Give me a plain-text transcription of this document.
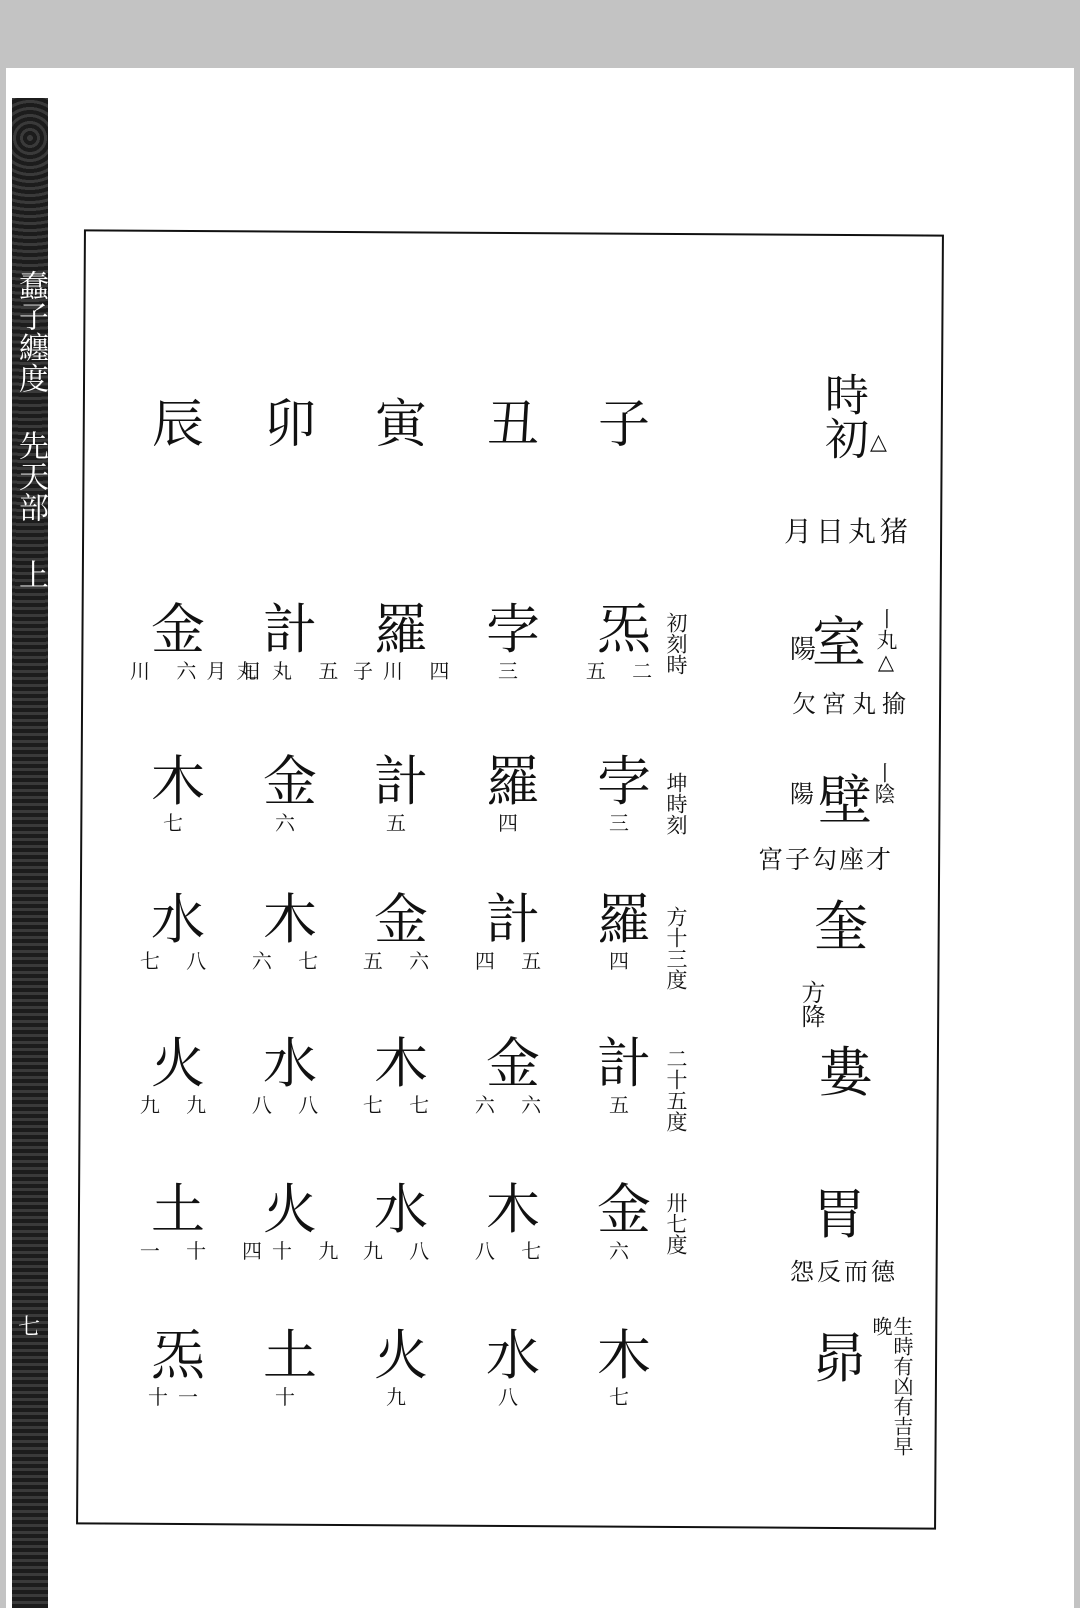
蠢子纏度 先天部 上
七
子
丑
寅
卯
辰	時初 △
月日丸猪
室 丨丸△
陽
欠宮丸揄
壁 丨陰
陽
宮子勾座才
奎
方降
婁
胃
怨反而德
昴	生時有凶有吉早晚
初刻時
坤時刻
方十三度
二十五度
卅七度
炁
五 二
孛
三
羅
子川 四
計
日丸 五
金
川 六月丸
孛
三
羅
四
計
五
金
六
木
七
羅
四
計
四 五
金
五 六
木
六 七
水
七 八
計
五
金
六 六
木
七 七
水
八 八
火
九 九
金
六
木
八 七
水
九 八
火
四十 九
土
一 十
木
七
水
八
火
九
土
十
炁
十一
